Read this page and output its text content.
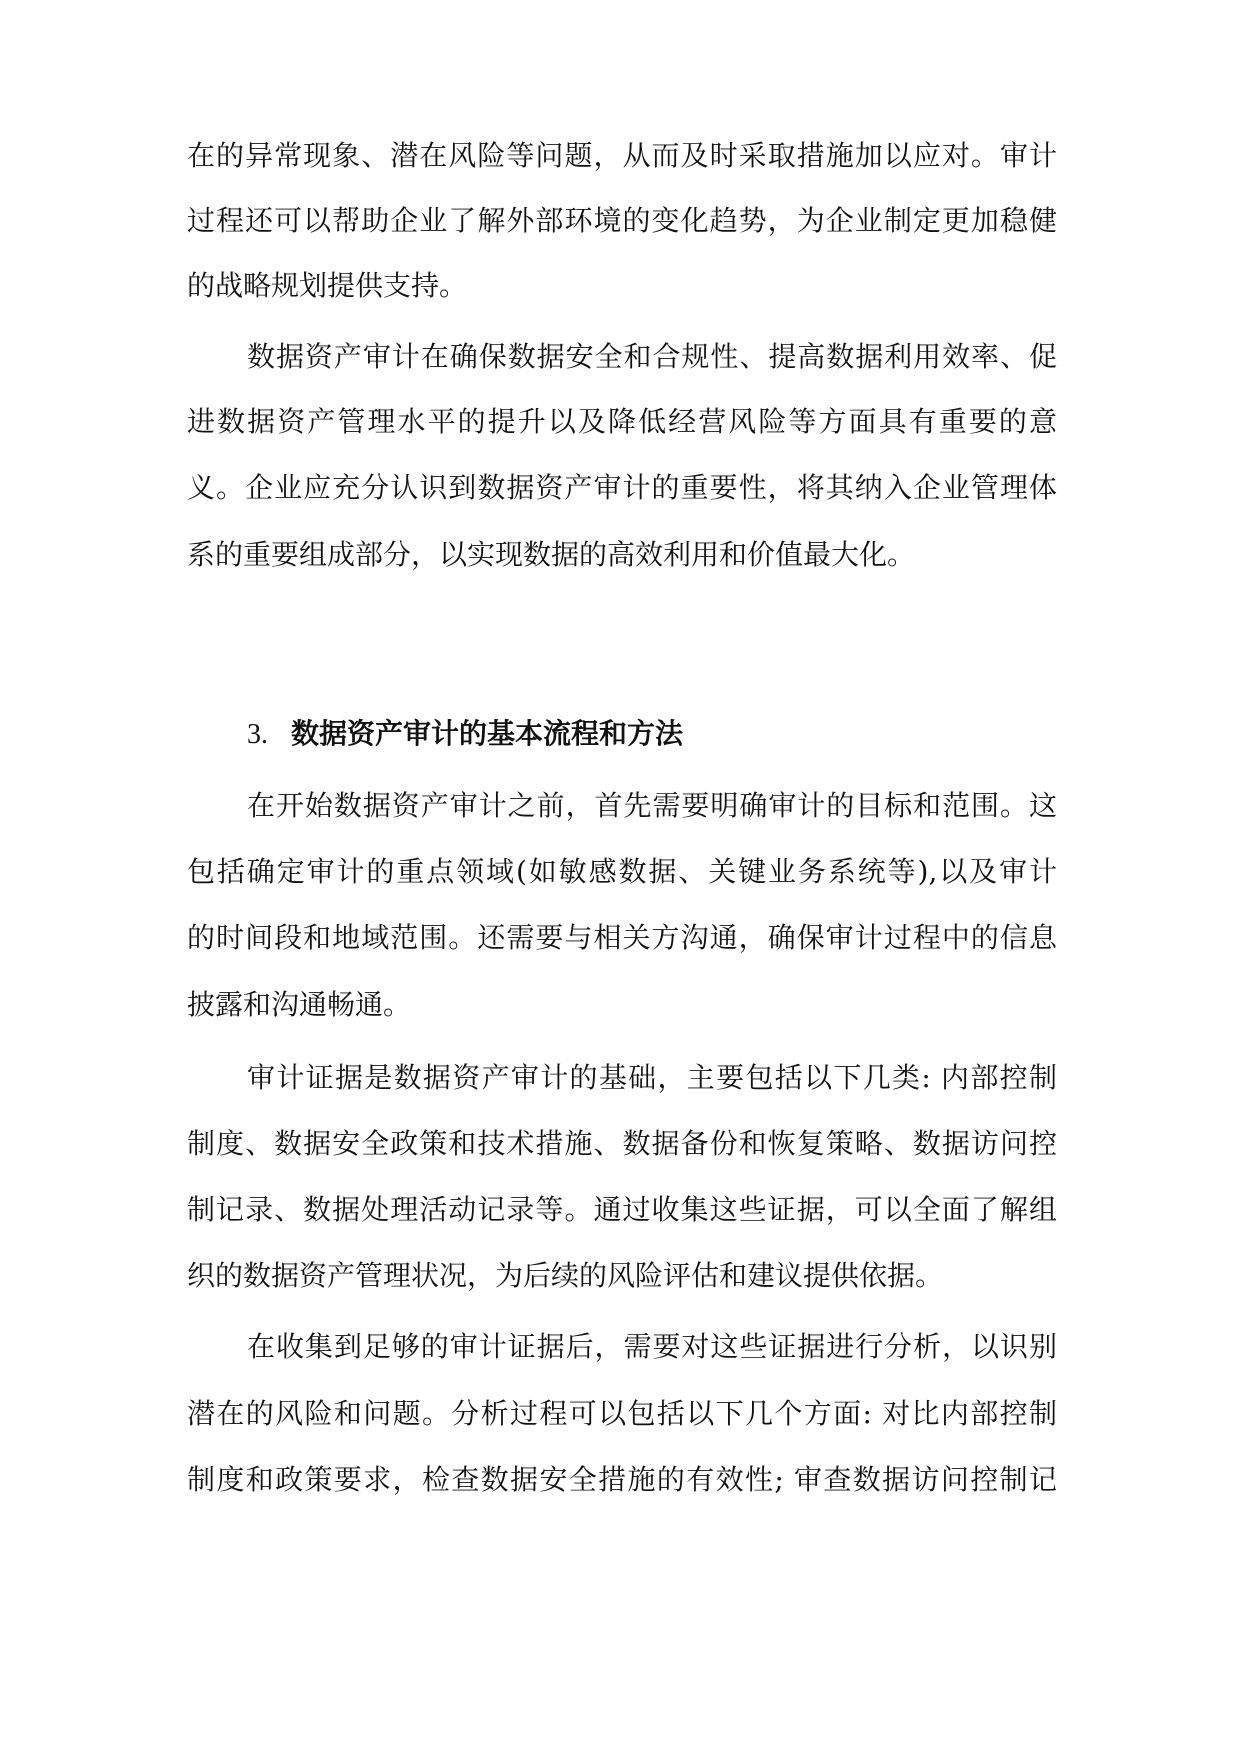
在的异常现象、潜在风险等问题，从而及时采取措施加以应对。审计
过程还可以帮助企业了解外部环境的变化趋势，为企业制定更加稳健
的战略规划提供支持。
数据资产审计在确保数据安全和合规性、提高数据利用效率、促
进数据资产管理水平的提升以及降低经营风险等方面具有重要的意
义。企业应充分认识到数据资产审计的重要性，将其纳入企业管理体
系的重要组成部分，以实现数据的高效利用和价值最大化。
3. 数据资产审计的基本流程和方法
在开始数据资产审计之前，首先需要明确审计的目标和范围。这
包括确定审计的重点领域(如敏感数据、关键业务系统等),以及审计
的时间段和地域范围。还需要与相关方沟通，确保审计过程中的信息
披露和沟通畅通。
审计证据是数据资产审计的基础，主要包括以下几类: 内部控制
制度、数据安全政策和技术措施、数据备份和恢复策略、数据访问控
制记录、数据处理活动记录等。通过收集这些证据，可以全面了解组
织的数据资产管理状况，为后续的风险评估和建议提供依据。
在收集到足够的审计证据后，需要对这些证据进行分析，以识别
潜在的风险和问题。分析过程可以包括以下几个方面: 对比内部控制
制度和政策要求，检查数据安全措施的有效性; 审查数据访问控制记
